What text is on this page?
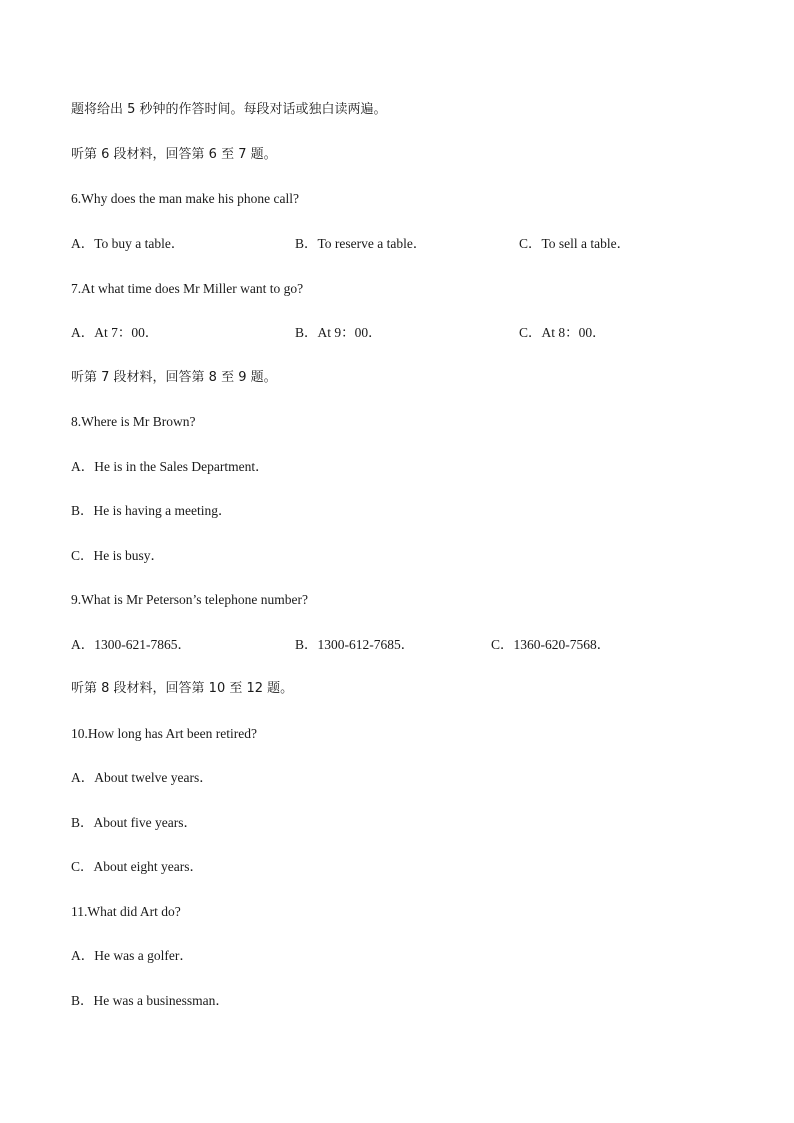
题将给出 5 秒钟的作答时间。每段对话或独白读两遍。
听第 6 段材料，回答第 6 至 7 题。
6.Why does the man make his phone call?
A．To buy a table．	B．To reserve a table．	C．To sell a table．
7.At what time does Mr Miller want to go?
A．At 7：00．	B．At 9：00．	C．At 8：00．
听第 7 段材料，回答第 8 至 9 题。
8.Where is Mr Brown?
A．He is in the Sales Department．
B．He is having a meeting．
C．He is busy．
9.What is Mr Peterson’s telephone number?
A．1300-621-7865．	B．1300-612-7685．	C．1360-620-7568．
听第 8 段材料，回答第 10 至 12 题。
10.How long has Art been retired?
A．About twelve years．
B．About five years．
C．About eight years．
11.What did Art do?
A．He was a golfer．
B．He was a businessman．
